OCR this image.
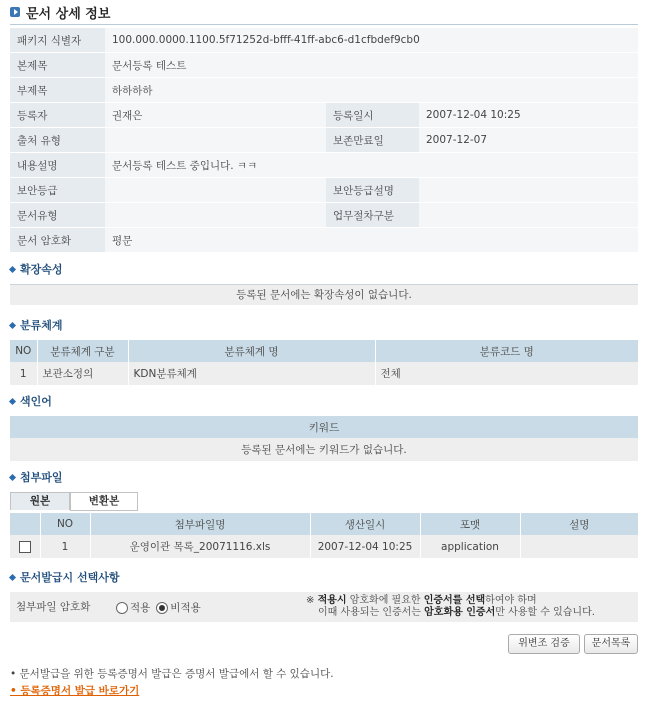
문서 상세 정보
패키지 식별자	100.000.0000.1100.5f71252d-bfff-41ff-abc6-d1cfbdef9cb0		
본제목	문서등록 테스트		
부제목	하하하하		
등록자	권재은	등록일시	2007-12-04 10:25
출처 유형		보존만료일	2007-12-07
내용설명	문서등록 테스트 중입니다. ㅋㅋ		
보안등급		보안등급설명	
문서유형		업무절차구분	
문서 암호화	평문		
확장속성
등록된 문서에는 확장속성이 없습니다.
분류체계
NO	분류체계 구분	분류체계 명	분류코드 명
1	보관소정의	KDN분류체계	전체
색인어
키워드
등록된 문서에는 키워드가 없습니다.
첨부파일
원본	변환본
	NO	첨부파일명	생산일시	포맷	설명
	1	운영이관 목록_20071116.xls	2007-12-04 10:25	application	
문서발급시 선택사항
첨부파일 암호화	적용 비적용
※ 적용시 암호화에 필요한 인증서를 선택하여야 하며
이때 사용되는 인증서는 암호화용 인증서만 사용할 수 있습니다.
위변조 검증	문서목록
• 문서발급을 위한 등록증명서 발급은 증명서 발급에서 할 수 있습니다.
• 등록증명서 발급 바로가기
